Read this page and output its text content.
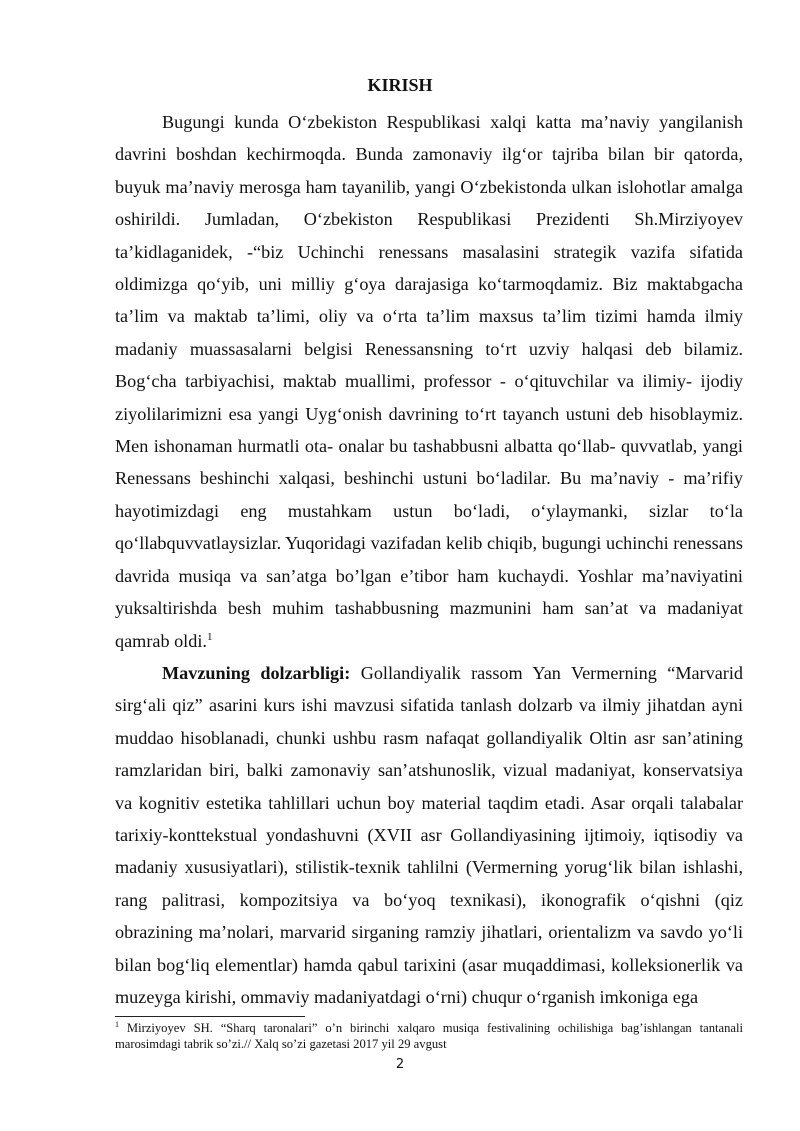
KIRISH

Bugungi kunda O‘zbekiston Respublikasi xalqi katta ma’naviy yangilanish davrini boshdan kechirmoqda. Bunda zamonaviy ilg‘or tajriba bilan bir qatorda, buyuk ma’naviy merosga ham tayanilib, yangi O‘zbekistonda ulkan islohotlar amalga oshirildi. Jumladan, O‘zbekiston Respublikasi Prezidenti Sh.Mirziyoyev ta’kidlaganidek, -“biz Uchinchi renessans masalasini strategik vazifa sifatida oldimizga qo‘yib, uni milliy g‘oya darajasiga ko‘tarmoqdamiz. Biz maktabgacha ta’lim va maktab ta’limi, oliy va o‘rta ta’lim maxsus ta’lim tizimi hamda ilmiy madaniy muassasalarni belgisi Renessansning to‘rt uzviy halqasi deb bilamiz. Bog‘cha tarbiyachisi, maktab muallimi, professor - o‘qituvchilar va ilimiy- ijodiy ziyolilarimizni esa yangi Uyg‘onish davrining to‘rt tayanch ustuni deb hisoblaymiz. Men ishonaman hurmatli ota- onalar bu tashabbusni albatta qo‘llab- quvvatlab, yangi Renessans beshinchi xalqasi, beshinchi ustuni bo‘ladilar. Bu ma’naviy - ma’rifiy hayotimizdagi eng mustahkam ustun bo‘ladi, o‘ylaymanki, sizlar to‘la qo‘llabquvvatlaysizlar. Yuqoridagi vazifadan kelib chiqib, bugungi uchinchi renessans davrida musiqa va san’atga bo’lgan e’tibor ham kuchaydi. Yoshlar ma’naviyatini yuksaltirishda besh muhim tashabbusning mazmunini ham san’at va madaniyat qamrab oldi.$^1$

Mavzuning dolzarbligi: Gollandiyalik rassom Yan Vermerning “Marvarid sirg‘ali qiz” asarini kurs ishi mavzusi sifatida tanlash dolzarb va ilmiy jihatdan ayni muddao hisoblanadi, chunki ushbu rasm nafaqat gollandiyalik Oltin asr san’atining ramzlaridan biri, balki zamonaviy san’atshunoslik, vizual madaniyat, konservatsiya va kognitiv estetika tahlillari uchun boy material taqdim etadi. Asar orqali talabalar tarixiy-konttekstual yondashuvni (XVII asr Gollandiyasining ijtimoiy, iqtisodiy va madaniy xususiyatlari), stilistik-texnik tahlilni (Vermerning yorug‘lik bilan ishlashi, rang palitrasi, kompozitsiya va bo‘yoq texnikasi), ikonografik o‘qishni (qiz obrazining ma’nolari, marvarid sirganing ramziy jihatlari, orientalizm va savdo yo‘li bilan bog‘liq elementlar) hamda qabul tarixini (asar muqaddimasi, kolleksionerlik va muzeyga kirishi, ommaviy madaniyatdagi o‘rni) chuqur o‘rganish imkoniga ega

$^1$ Mirziyoyev SH. “Sharq taronalari” o’n birinchi xalqaro musiqa festivalining ochilishiga bag’ishlangan tantanali marosimdagi tabrik so’zi.// Xalq so’zi gazetasi 2017 yil 29 avgust

2
